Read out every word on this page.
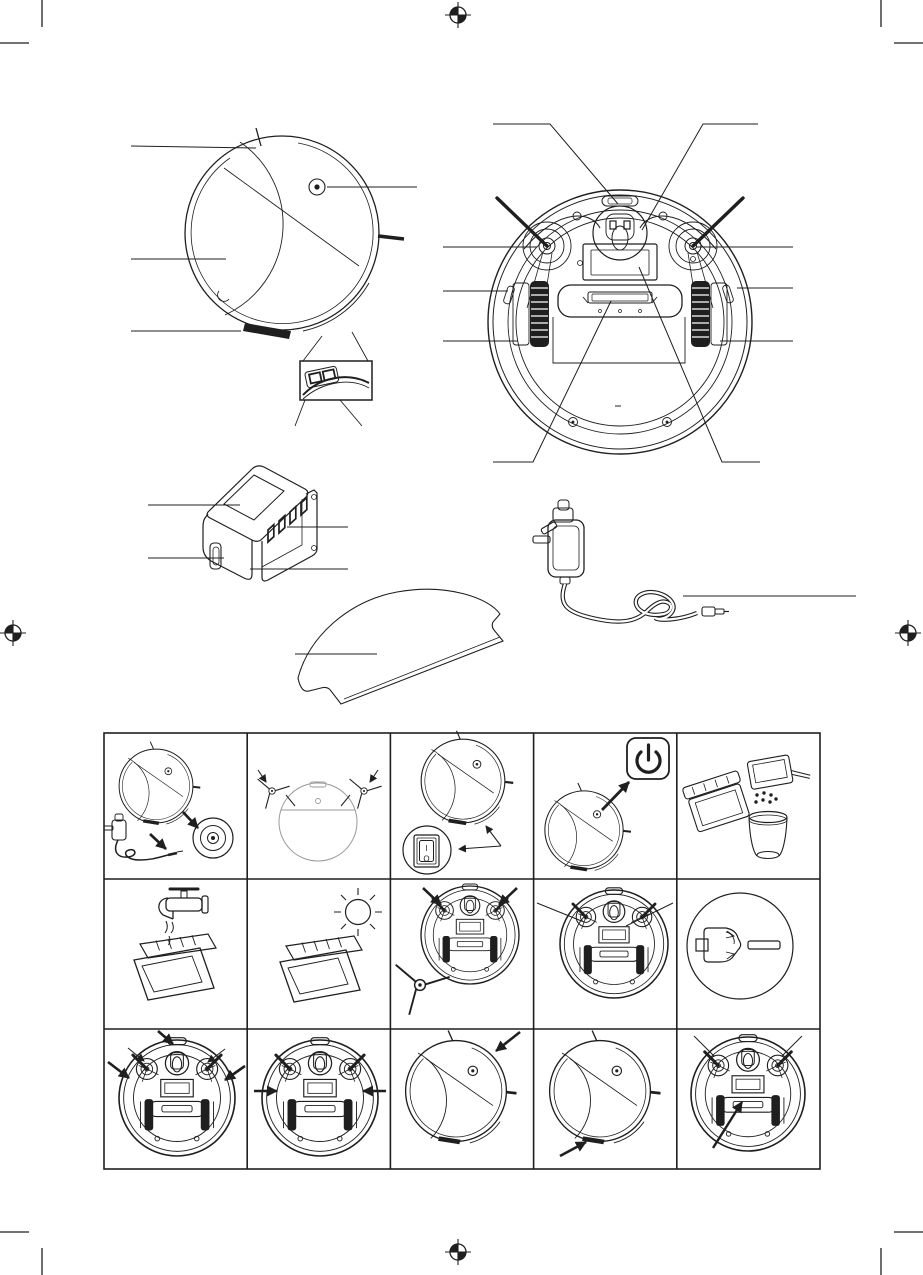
I
O
